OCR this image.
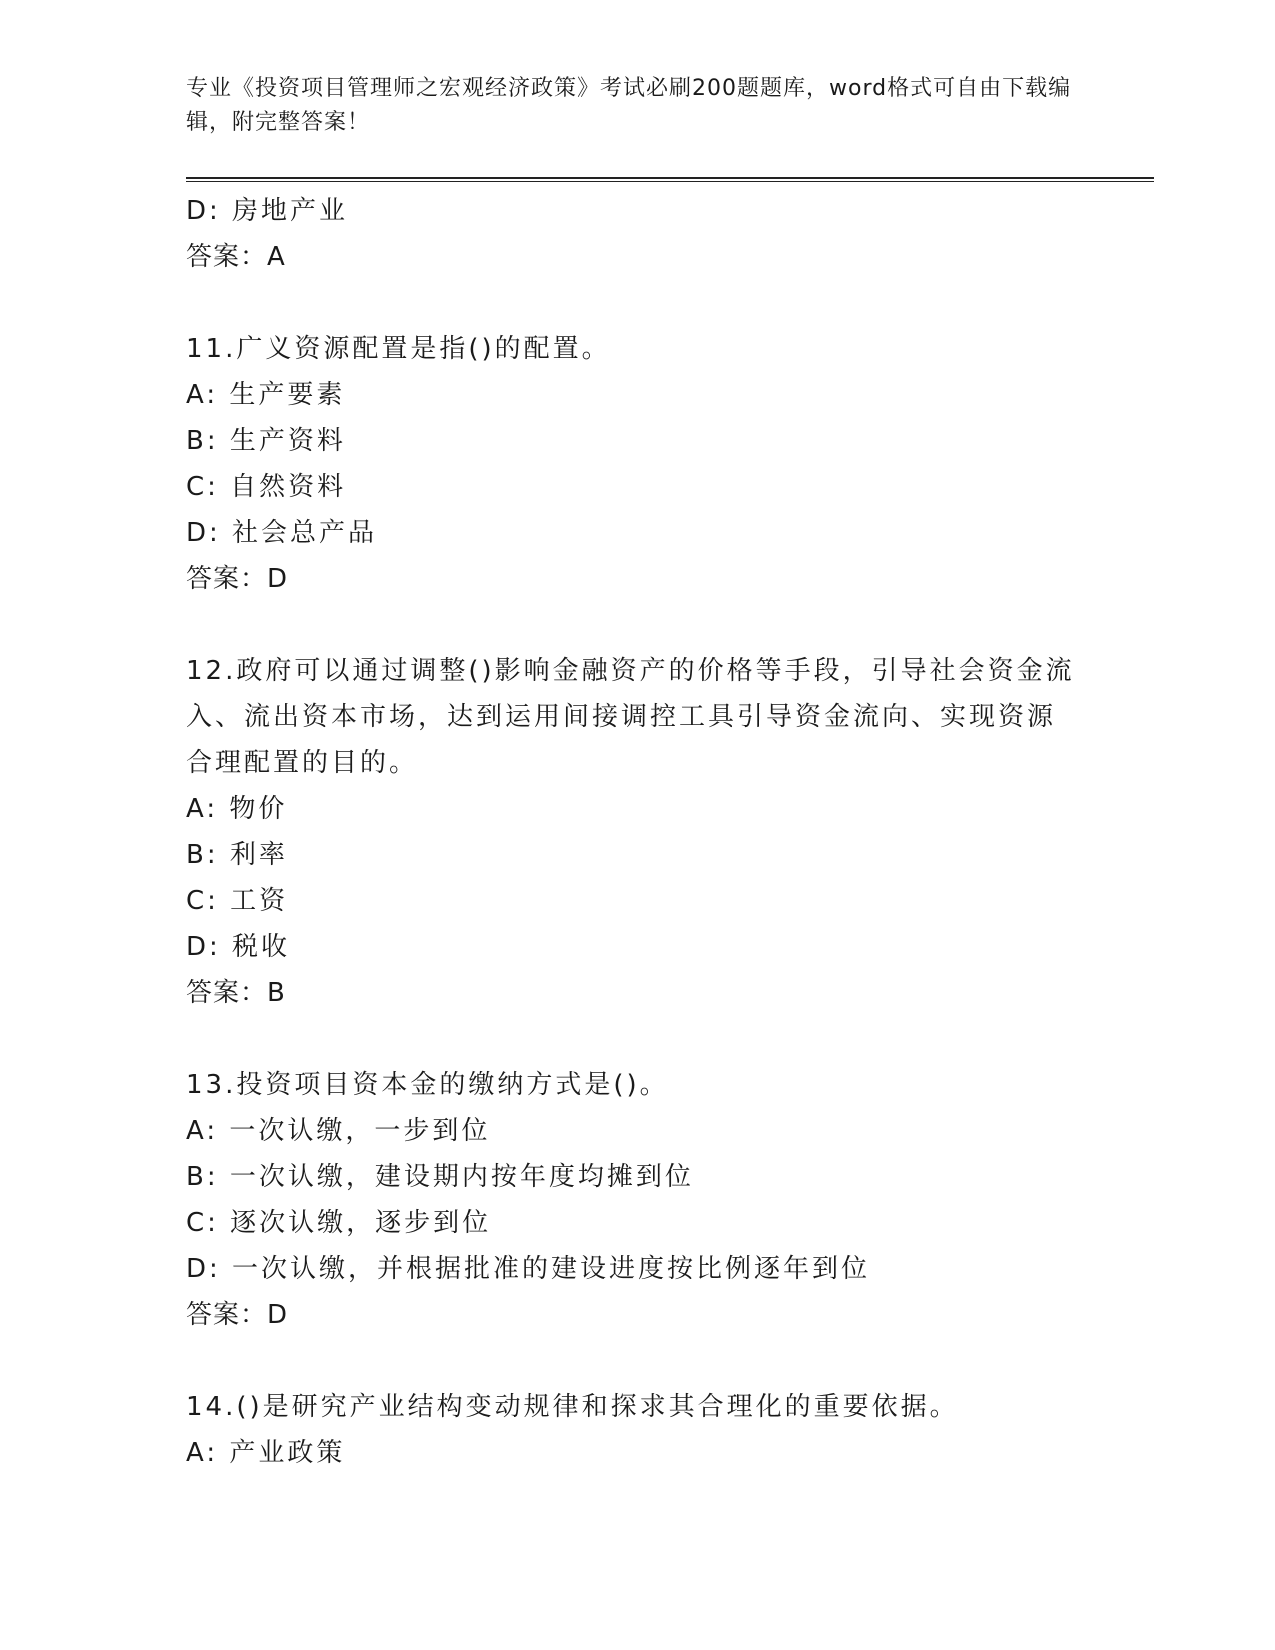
专业《投资项目管理师之宏观经济政策》考试必刷200题题库，word格式可自由下载编辑，附完整答案！
D: 房地产业
答案：A
11.广义资源配置是指()的配置。
A: 生产要素
B: 生产资料
C: 自然资料
D: 社会总产品
答案：D
12.政府可以通过调整()影响金融资产的价格等手段，引导社会资金流
入、流出资本市场，达到运用间接调控工具引导资金流向、实现资源
合理配置的目的。
A: 物价
B: 利率
C: 工资
D: 税收
答案：B
13.投资项目资本金的缴纳方式是()。
A: 一次认缴，一步到位
B: 一次认缴，建设期内按年度均摊到位
C: 逐次认缴，逐步到位
D: 一次认缴，并根据批准的建设进度按比例逐年到位
答案：D
14.()是研究产业结构变动规律和探求其合理化的重要依据。
A: 产业政策
